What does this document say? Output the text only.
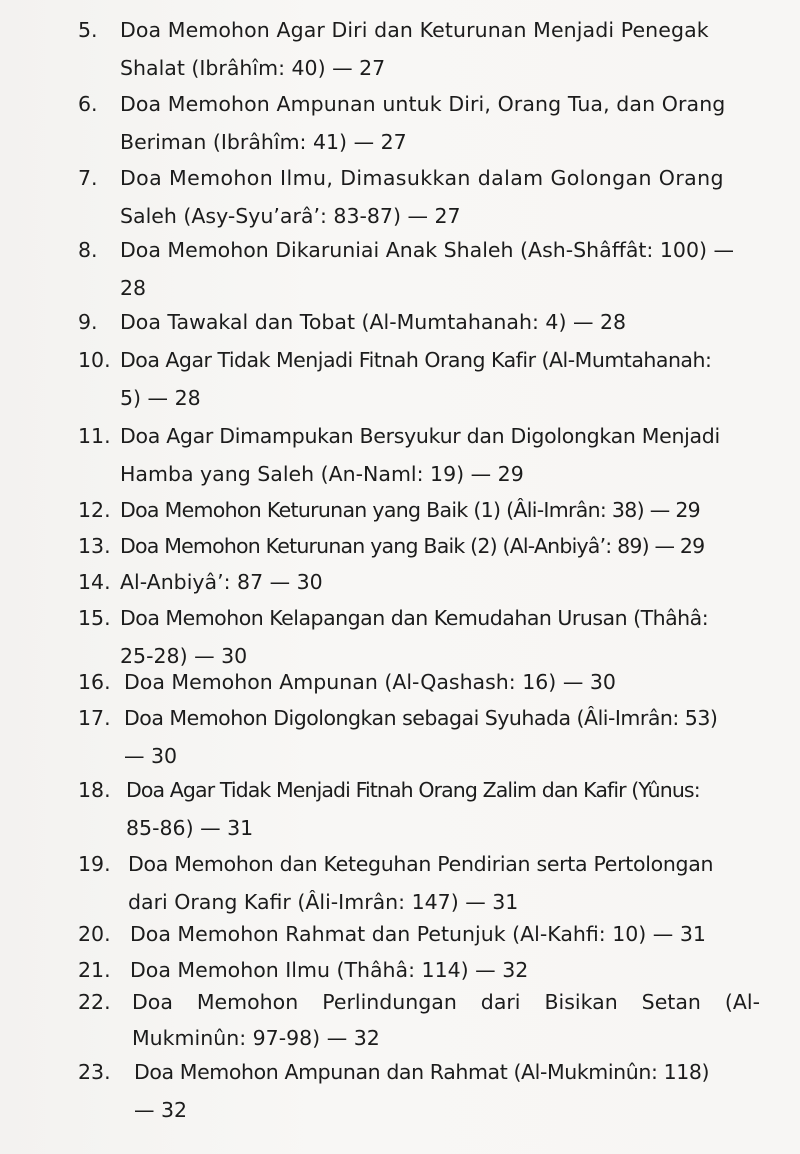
5. Doa Memohon Agar Diri dan Keturunan Menjadi Penegak
Shalat (Ibrâhîm: 40) — 27
6. Doa Memohon Ampunan untuk Diri, Orang Tua, dan Orang
Beriman (Ibrâhîm: 41) — 27
7. Doa Memohon Ilmu, Dimasukkan dalam Golongan Orang
Saleh (Asy-Syu’arâ’: 83-87) — 27
8. Doa Memohon Dikaruniai Anak Shaleh (Ash-Shâffât: 100) —
28
9. Doa Tawakal dan Tobat (Al-Mumtahanah: 4) — 28
10. Doa Agar Tidak Menjadi Fitnah Orang Kafir (Al-Mumtahanah:
5) — 28
11. Doa Agar Dimampukan Bersyukur dan Digolongkan Menjadi
Hamba yang Saleh (An-Naml: 19) — 29
12. Doa Memohon Keturunan yang Baik (1) (Âli-Imrân: 38) — 29
13. Doa Memohon Keturunan yang Baik (2) (Al-Anbiyâ’: 89) — 29
14. Al-Anbiyâ’: 87 — 30
15. Doa Memohon Kelapangan dan Kemudahan Urusan (Thâhâ:
25-28) — 30
16. Doa Memohon Ampunan (Al-Qashash: 16) — 30
17. Doa Memohon Digolongkan sebagai Syuhada (Âli-Imrân: 53)
— 30
18. Doa Agar Tidak Menjadi Fitnah Orang Zalim dan Kafir (Yûnus:
85-86) — 31
19. Doa Memohon dan Keteguhan Pendirian serta Pertolongan
dari Orang Kafir (Âli-Imrân: 147) — 31
20. Doa Memohon Rahmat dan Petunjuk (Al-Kahfi: 10) — 31
21. Doa Memohon Ilmu (Thâhâ: 114) — 32
22. Doa Memohon Perlindungan dari Bisikan Setan (Al-
Mukminûn: 97-98) — 32
23. Doa Memohon Ampunan dan Rahmat (Al-Mukminûn: 118)
— 32
